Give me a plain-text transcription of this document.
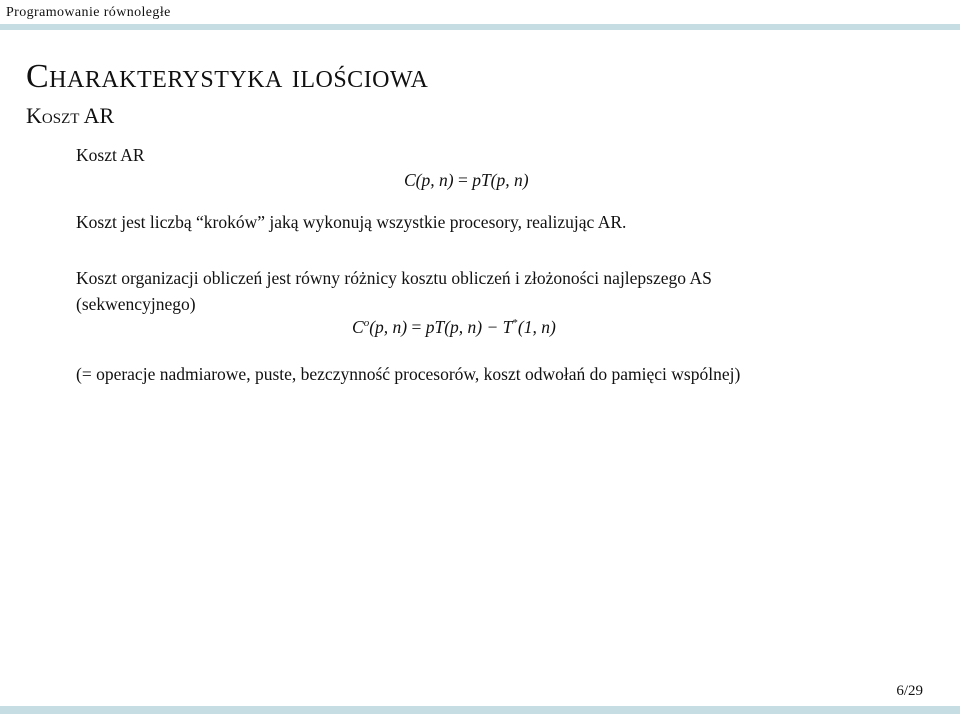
Programowanie równoległe
Charakterystyka ilościowa
Koszt AR
Koszt AR
C(p, n) = pT(p, n)
Koszt jest liczbą “kroków” jaką wykonują wszystkie procesory, realizując AR.
Koszt organizacji obliczeń jest równy różnicy kosztu obliczeń i złożoności najlepszego AS
(sekwencyjnego)
$C^o(p$, n) = pT(p, n) − T*(1, n)
(= operacje nadmiarowe, puste, bezczynność procesorów, koszt odwołań do pamięci wspólnej)
6/29
